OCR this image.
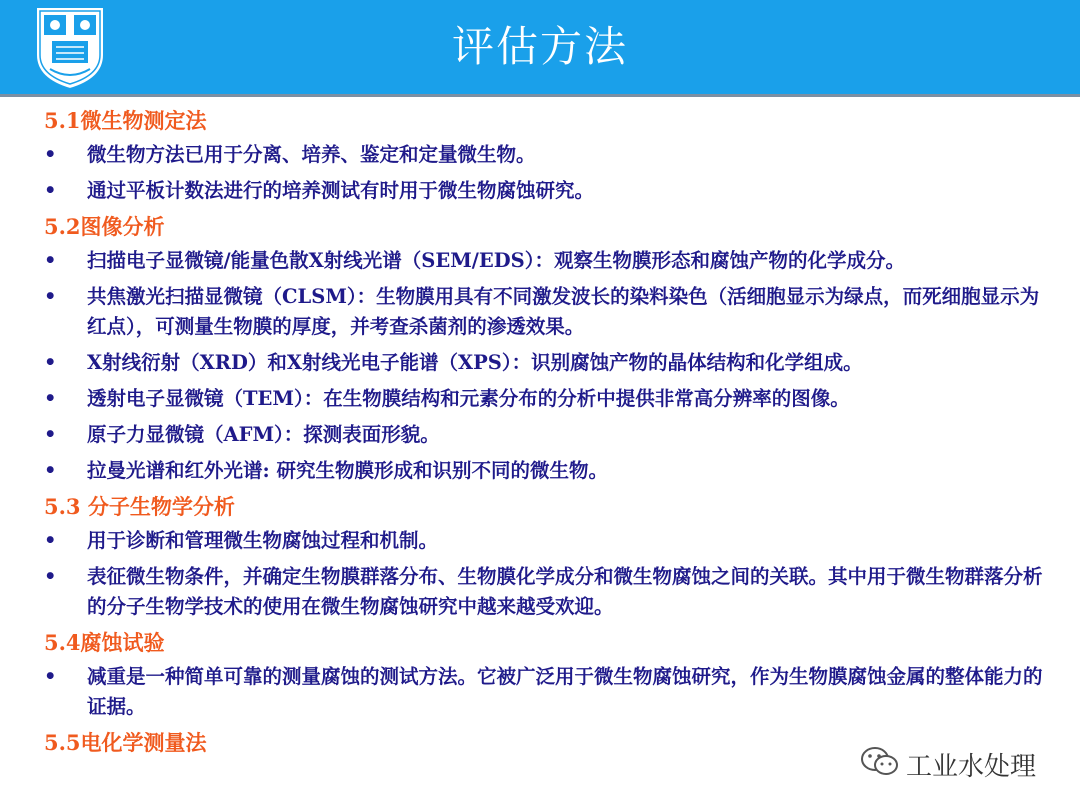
评估方法
5.1微生物测定法
•	微生物方法已用于分离、培养、鉴定和定量微生物。
•	通过平板计数法进行的培养测试有时用于微生物腐蚀研究。
5.2图像分析
•	扫描电子显微镜/能量色散X射线光谱（SEM/EDS）：观察生物膜形态和腐蚀产物的化学成分。
•	共焦激光扫描显微镜（CLSM）：生物膜用具有不同激发波长的染料染色（活细胞显示为绿点，而死细胞显示为红点），可测量生物膜的厚度，并考查杀菌剂的渗透效果。
•	X射线衍射（XRD）和X射线光电子能谱（XPS）：识别腐蚀产物的晶体结构和化学组成。
•	透射电子显微镜（TEM）：在生物膜结构和元素分布的分析中提供非常高分辨率的图像。
•	原子力显微镜（AFM）：探测表面形貌。
•	拉曼光谱和红外光谱: 研究生物膜形成和识别不同的微生物。
5.3 分子生物学分析
•	用于诊断和管理微生物腐蚀过程和机制。
•	表征微生物条件，并确定生物膜群落分布、生物膜化学成分和微生物腐蚀之间的关联。其中用于微生物群落分析的分子生物学技术的使用在微生物腐蚀研究中越来越受欢迎。
5.4腐蚀试验
•	减重是一种简单可靠的测量腐蚀的测试方法。它被广泛用于微生物腐蚀研究，作为生物膜腐蚀金属的整体能力的证据。
5.5电化学测量法
工业水处理
